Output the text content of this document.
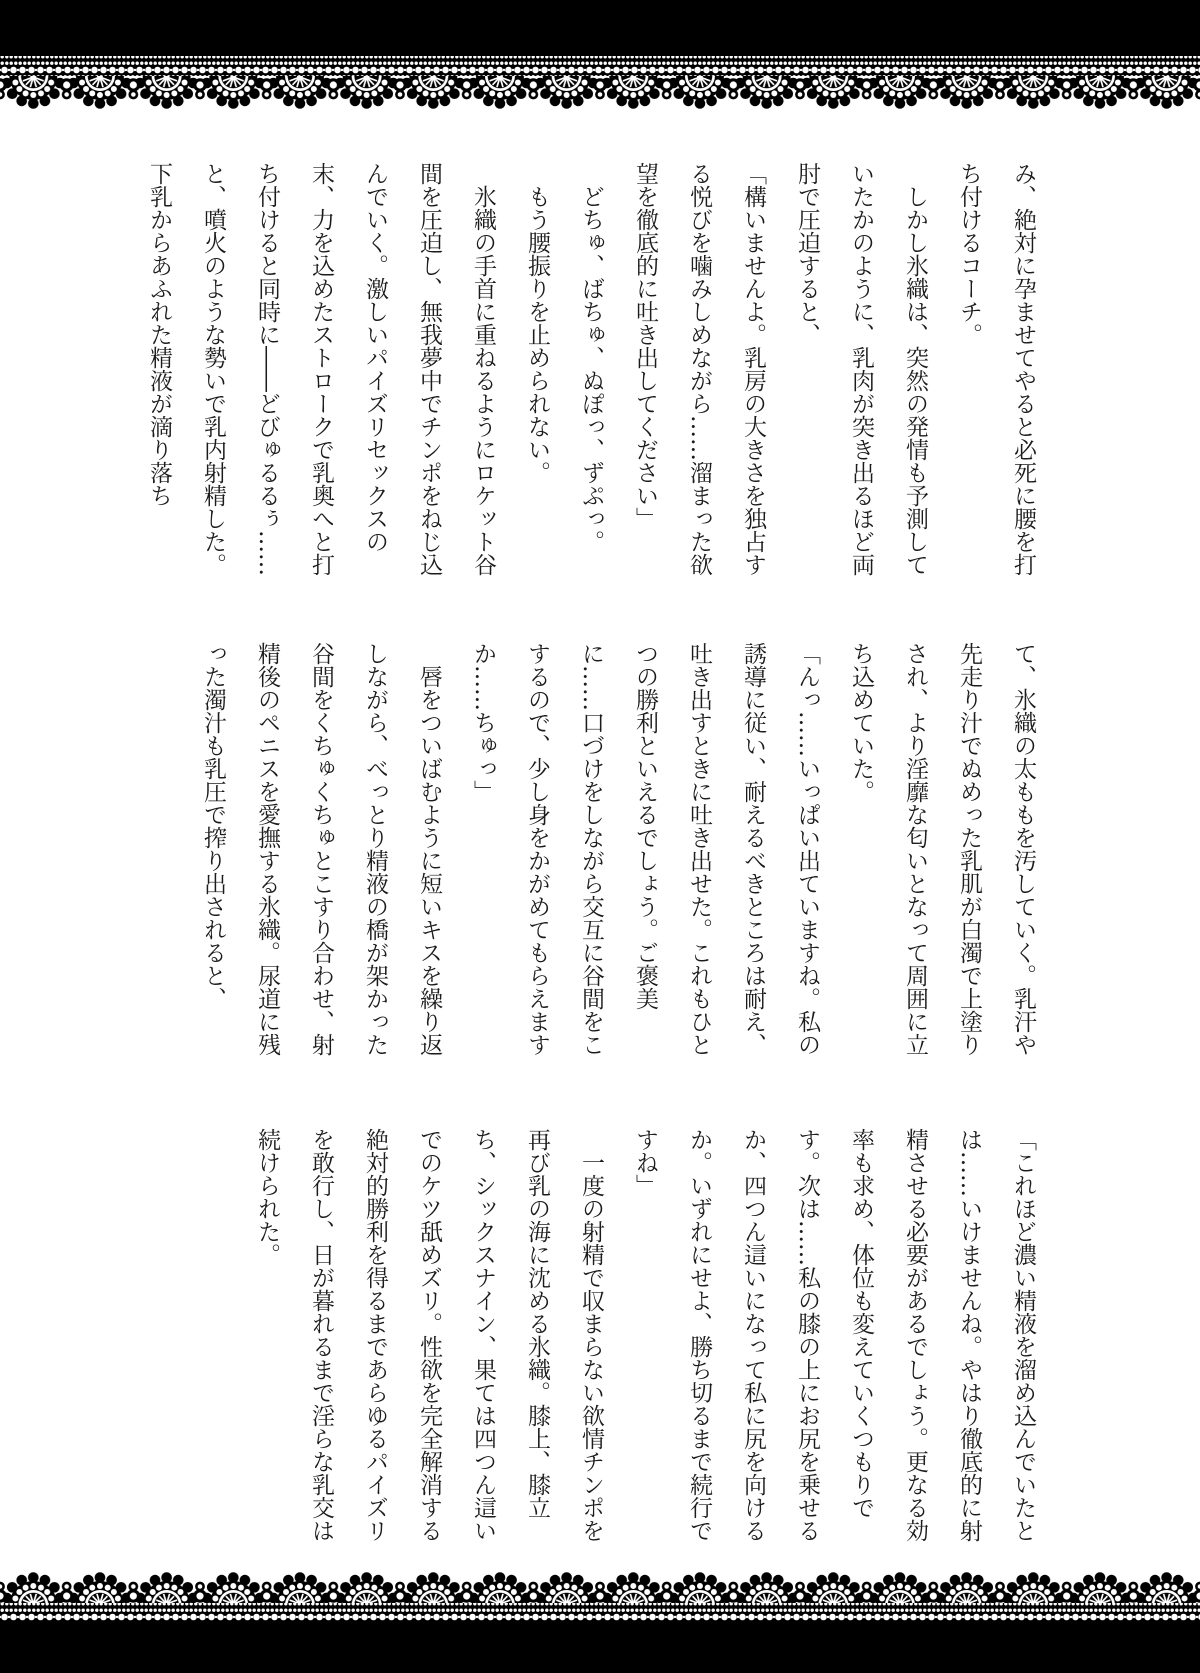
み、絶対に孕ませてやると必死に腰を打ち付けるコーチ。

しかし氷織は、突然の発情も予測していたかのように、乳肉が突き出るほど両肘で圧迫すると、

「構いませんよ。乳房の大きさを独占する悦びを噛みしめながら……溜まった欲望を徹底的に吐き出してください」

どちゅ、ばちゅ、ぬぽっ、ずぷっ。

もう腰振りを止められない。

氷織の手首に重ねるようにロケット谷間を圧迫し、無我夢中でチンポをねじ込んでいく。激しいパイズリセックスの末、力を込めたストロークで乳奥へと打ち付けると同時に――どびゅるるぅ……と、噴火のような勢いで乳内射精した。下乳からあふれた精液が滴り落ち

て、氷織の太ももを汚していく。乳汗や先走り汁でぬめった乳肌が白濁で上塗りされ、より淫靡な匂いとなって周囲に立ち込めていた。

「んっ……いっぱい出ていますね。私の誘導に従い、耐えるべきところは耐え、吐き出すときに吐き出せた。これもひとつの勝利といえるでしょう。ご褒美に……口づけをしながら交互に谷間をこするので、少し身をかがめてもらえますか……ちゅっ」

唇をついばむように短いキスを繰り返しながら、べっとり精液の橋が架かった谷間をくちゅくちゅとこすり合わせ、射精後のペニスを愛撫する氷織。尿道に残った濁汁も乳圧で搾り出されると、

「これほど濃い精液を溜め込んでいたとは……いけませんね。やはり徹底的に射精させる必要があるでしょう。更なる効率も求め、体位も変えていくつもりです。次は……私の膝の上にお尻を乗せるか、四つん這いになって私に尻を向けるか。いずれにせよ、勝ち切るまで続行ですね」

一度の射精で収まらない欲情チンポを再び乳の海に沈める氷織。膝上、膝立ち、シックスナイン、果ては四つん這いでのケツ舐めズリ。性欲を完全解消する絶対的勝利を得るまであらゆるパイズリを敢行し、日が暮れるまで淫らな乳交は続けられた。
